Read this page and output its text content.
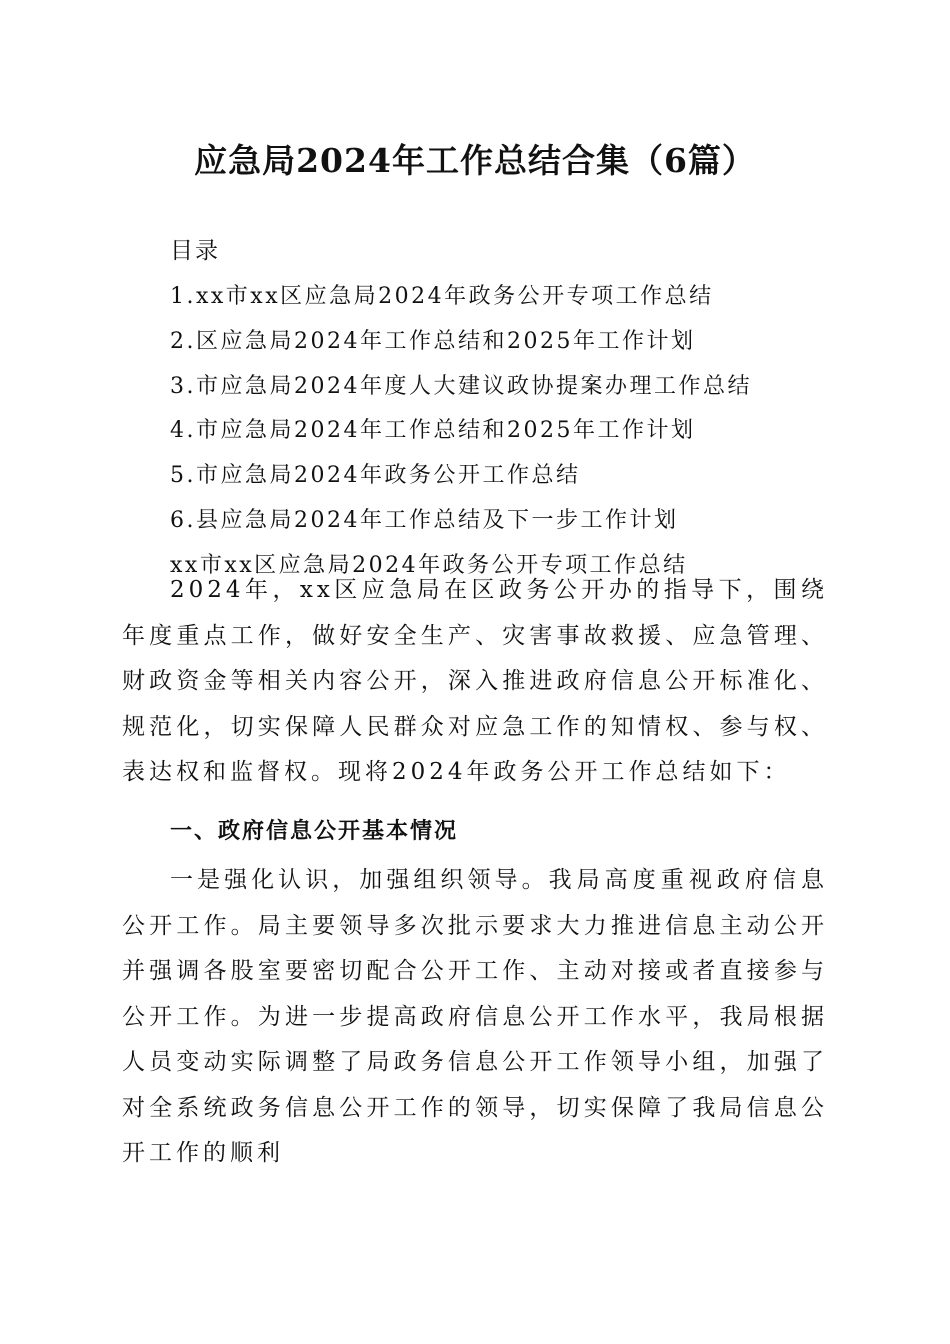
应急局2024年工作总结合集（6篇）
目录
1.xx市xx区应急局2024年政务公开专项工作总结
2.区应急局2024年工作总结和2025年工作计划
3.市应急局2024年度人大建议政协提案办理工作总结
4.市应急局2024年工作总结和2025年工作计划
5.市应急局2024年政务公开工作总结
6.县应急局2024年工作总结及下一步工作计划
xx市xx区应急局2024年政务公开专项工作总结

2024年，xx区应急局在区政务公开办的指导下，围绕年度重点工作，做好安全生产、灾害事故救援、应急管理、财政资金等相关内容公开，深入推进政府信息公开标准化、规范化，切实保障人民群众对应急工作的知情权、参与权、表达权和监督权。现将2024年政务公开工作总结如下：

一、政府信息公开基本情况

一是强化认识，加强组织领导。我局高度重视政府信息公开工作。局主要领导多次批示要求大力推进信息主动公开并强调各股室要密切配合公开工作、主动对接或者直接参与公开工作。为进一步提高政府信息公开工作水平，我局根据人员变动实际调整了局政务信息公开工作领导小组，加强了对全系统政务信息公开工作的领导，切实保障了我局信息公开工作的顺利
